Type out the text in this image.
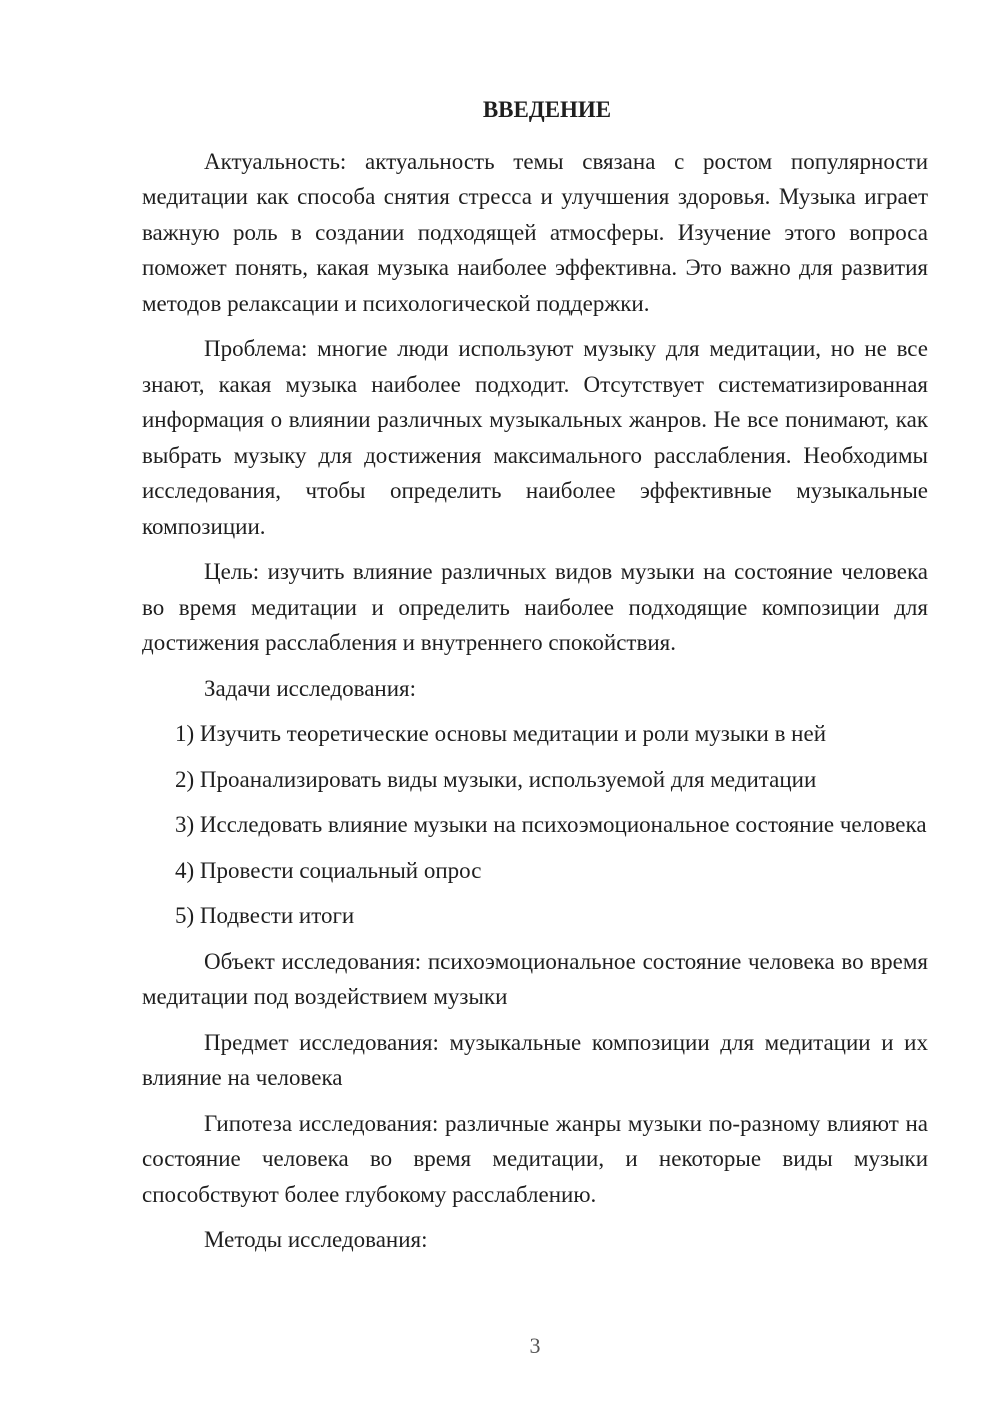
ВВЕДЕНИЕ

Актуальность: актуальность темы связана с ростом популярности медитации как способа снятия стресса и улучшения здоровья. Музыка играет важную роль в создании подходящей атмосферы. Изучение этого вопроса поможет понять, какая музыка наиболее эффективна. Это важно для развития методов релаксации и психологической поддержки.

Проблема: многие люди используют музыку для медитации, но не все знают, какая музыка наиболее подходит. Отсутствует систематизированная информация о влиянии различных музыкальных жанров. Не все понимают, как выбрать музыку для достижения максимального расслабления. Необходимы исследования, чтобы определить наиболее эффективные музыкальные композиции.

Цель: изучить влияние различных видов музыки на состояние человека во время медитации и определить наиболее подходящие композиции для достижения расслабления и внутреннего спокойствия.

Задачи исследования:

1) Изучить теоретические основы медитации и роли музыки в ней

2) Проанализировать виды музыки, используемой для медитации

3) Исследовать влияние музыки на психоэмоциональное состояние человека

4) Провести социальный опрос

5) Подвести итоги

Объект исследования: психоэмоциональное состояние человека во время медитации под воздействием музыки

Предмет исследования: музыкальные композиции для медитации и их влияние на человека

Гипотеза исследования: различные жанры музыки по-разному влияют на состояние человека во время медитации, и некоторые виды музыки способствуют более глубокому расслаблению.

Методы исследования:

3
